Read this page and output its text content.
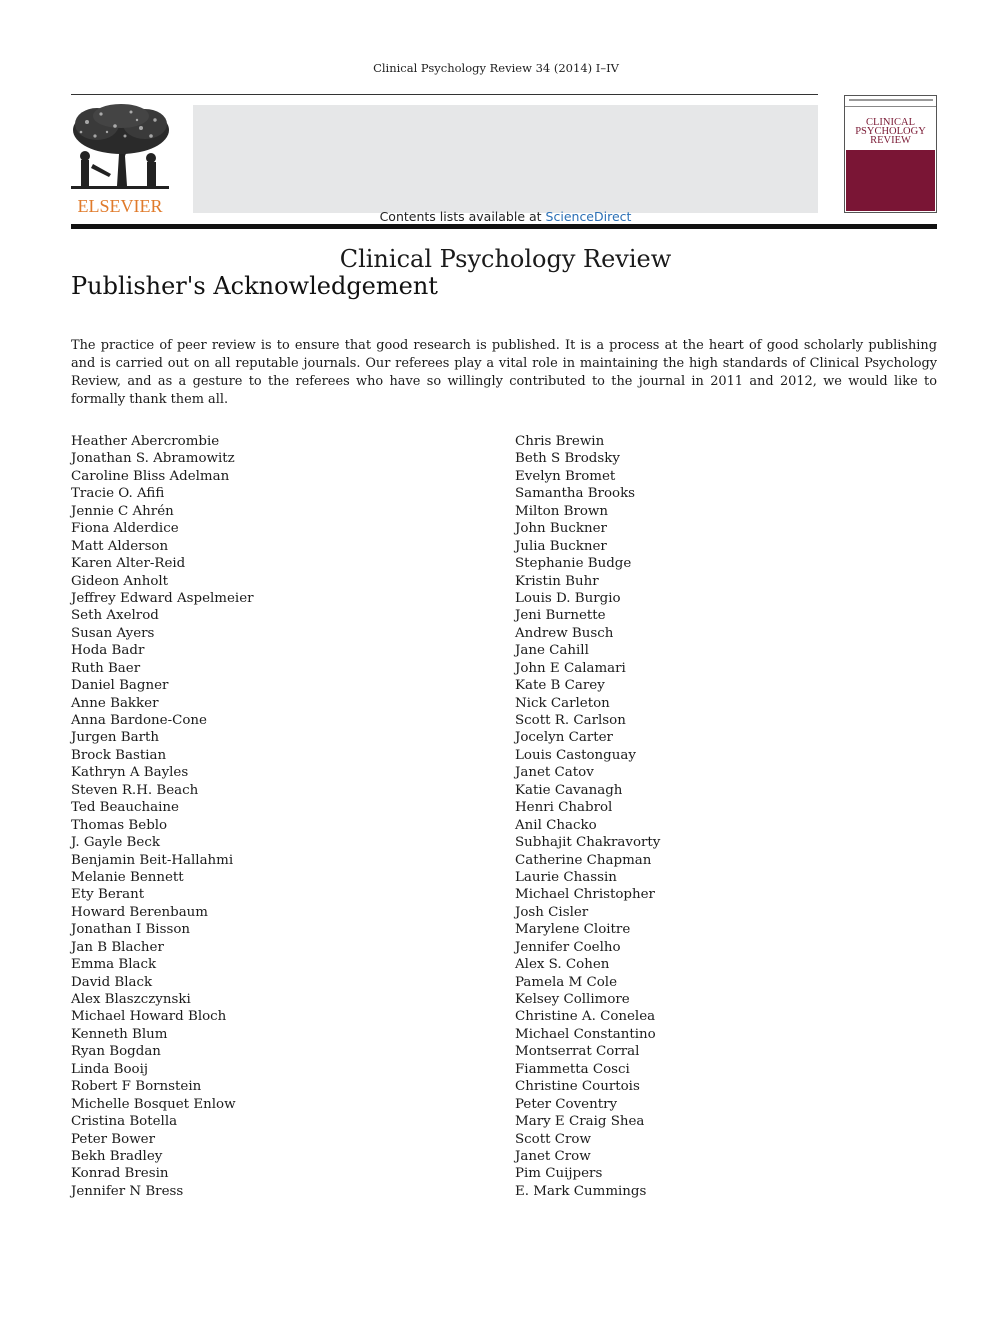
Clinical Psychology Review 34 (2014) I–IV
ELSEVIER
Contents lists available at ScienceDirect
Clinical Psychology Review
CLINICAL
PSYCHOLOGY
REVIEW
Publisher's Acknowledgement

The practice of peer review is to ensure that good research is published. It is a process at the heart of good scholarly publishing and is carried out on all reputable journals. Our referees play a vital role in maintaining the high standards of Clinical Psychology Review, and as a gesture to the referees who have so willingly contributed to the journal in 2011 and 2012, we would like to formally thank them all.

Heather Abercrombie
Jonathan S. Abramowitz
Caroline Bliss Adelman
Tracie O. Afifi
Jennie C Ahrén
Fiona Alderdice
Matt Alderson
Karen Alter-Reid
Gideon Anholt
Jeffrey Edward Aspelmeier
Seth Axelrod
Susan Ayers
Hoda Badr
Ruth Baer
Daniel Bagner
Anne Bakker
Anna Bardone-Cone
Jurgen Barth
Brock Bastian
Kathryn A Bayles
Steven R.H. Beach
Ted Beauchaine
Thomas Beblo
J. Gayle Beck
Benjamin Beit-Hallahmi
Melanie Bennett
Ety Berant
Howard Berenbaum
Jonathan I Bisson
Jan B Blacher
Emma Black
David Black
Alex Blaszczynski
Michael Howard Bloch
Kenneth Blum
Ryan Bogdan
Linda Booij
Robert F Bornstein
Michelle Bosquet Enlow
Cristina Botella
Peter Bower
Bekh Bradley
Konrad Bresin
Jennifer N Bress
Chris Brewin
Beth S Brodsky
Evelyn Bromet
Samantha Brooks
Milton Brown
John Buckner
Julia Buckner
Stephanie Budge
Kristin Buhr
Louis D. Burgio
Jeni Burnette
Andrew Busch
Jane Cahill
John E Calamari
Kate B Carey
Nick Carleton
Scott R. Carlson
Jocelyn Carter
Louis Castonguay
Janet Catov
Katie Cavanagh
Henri Chabrol
Anil Chacko
Subhajit Chakravorty
Catherine Chapman
Laurie Chassin
Michael Christopher
Josh Cisler
Marylene Cloitre
Jennifer Coelho
Alex S. Cohen
Pamela M Cole
Kelsey Collimore
Christine A. Conelea
Michael Constantino
Montserrat Corral
Fiammetta Cosci
Christine Courtois
Peter Coventry
Mary E Craig Shea
Scott Crow
Janet Crow
Pim Cuijpers
E. Mark Cummings
